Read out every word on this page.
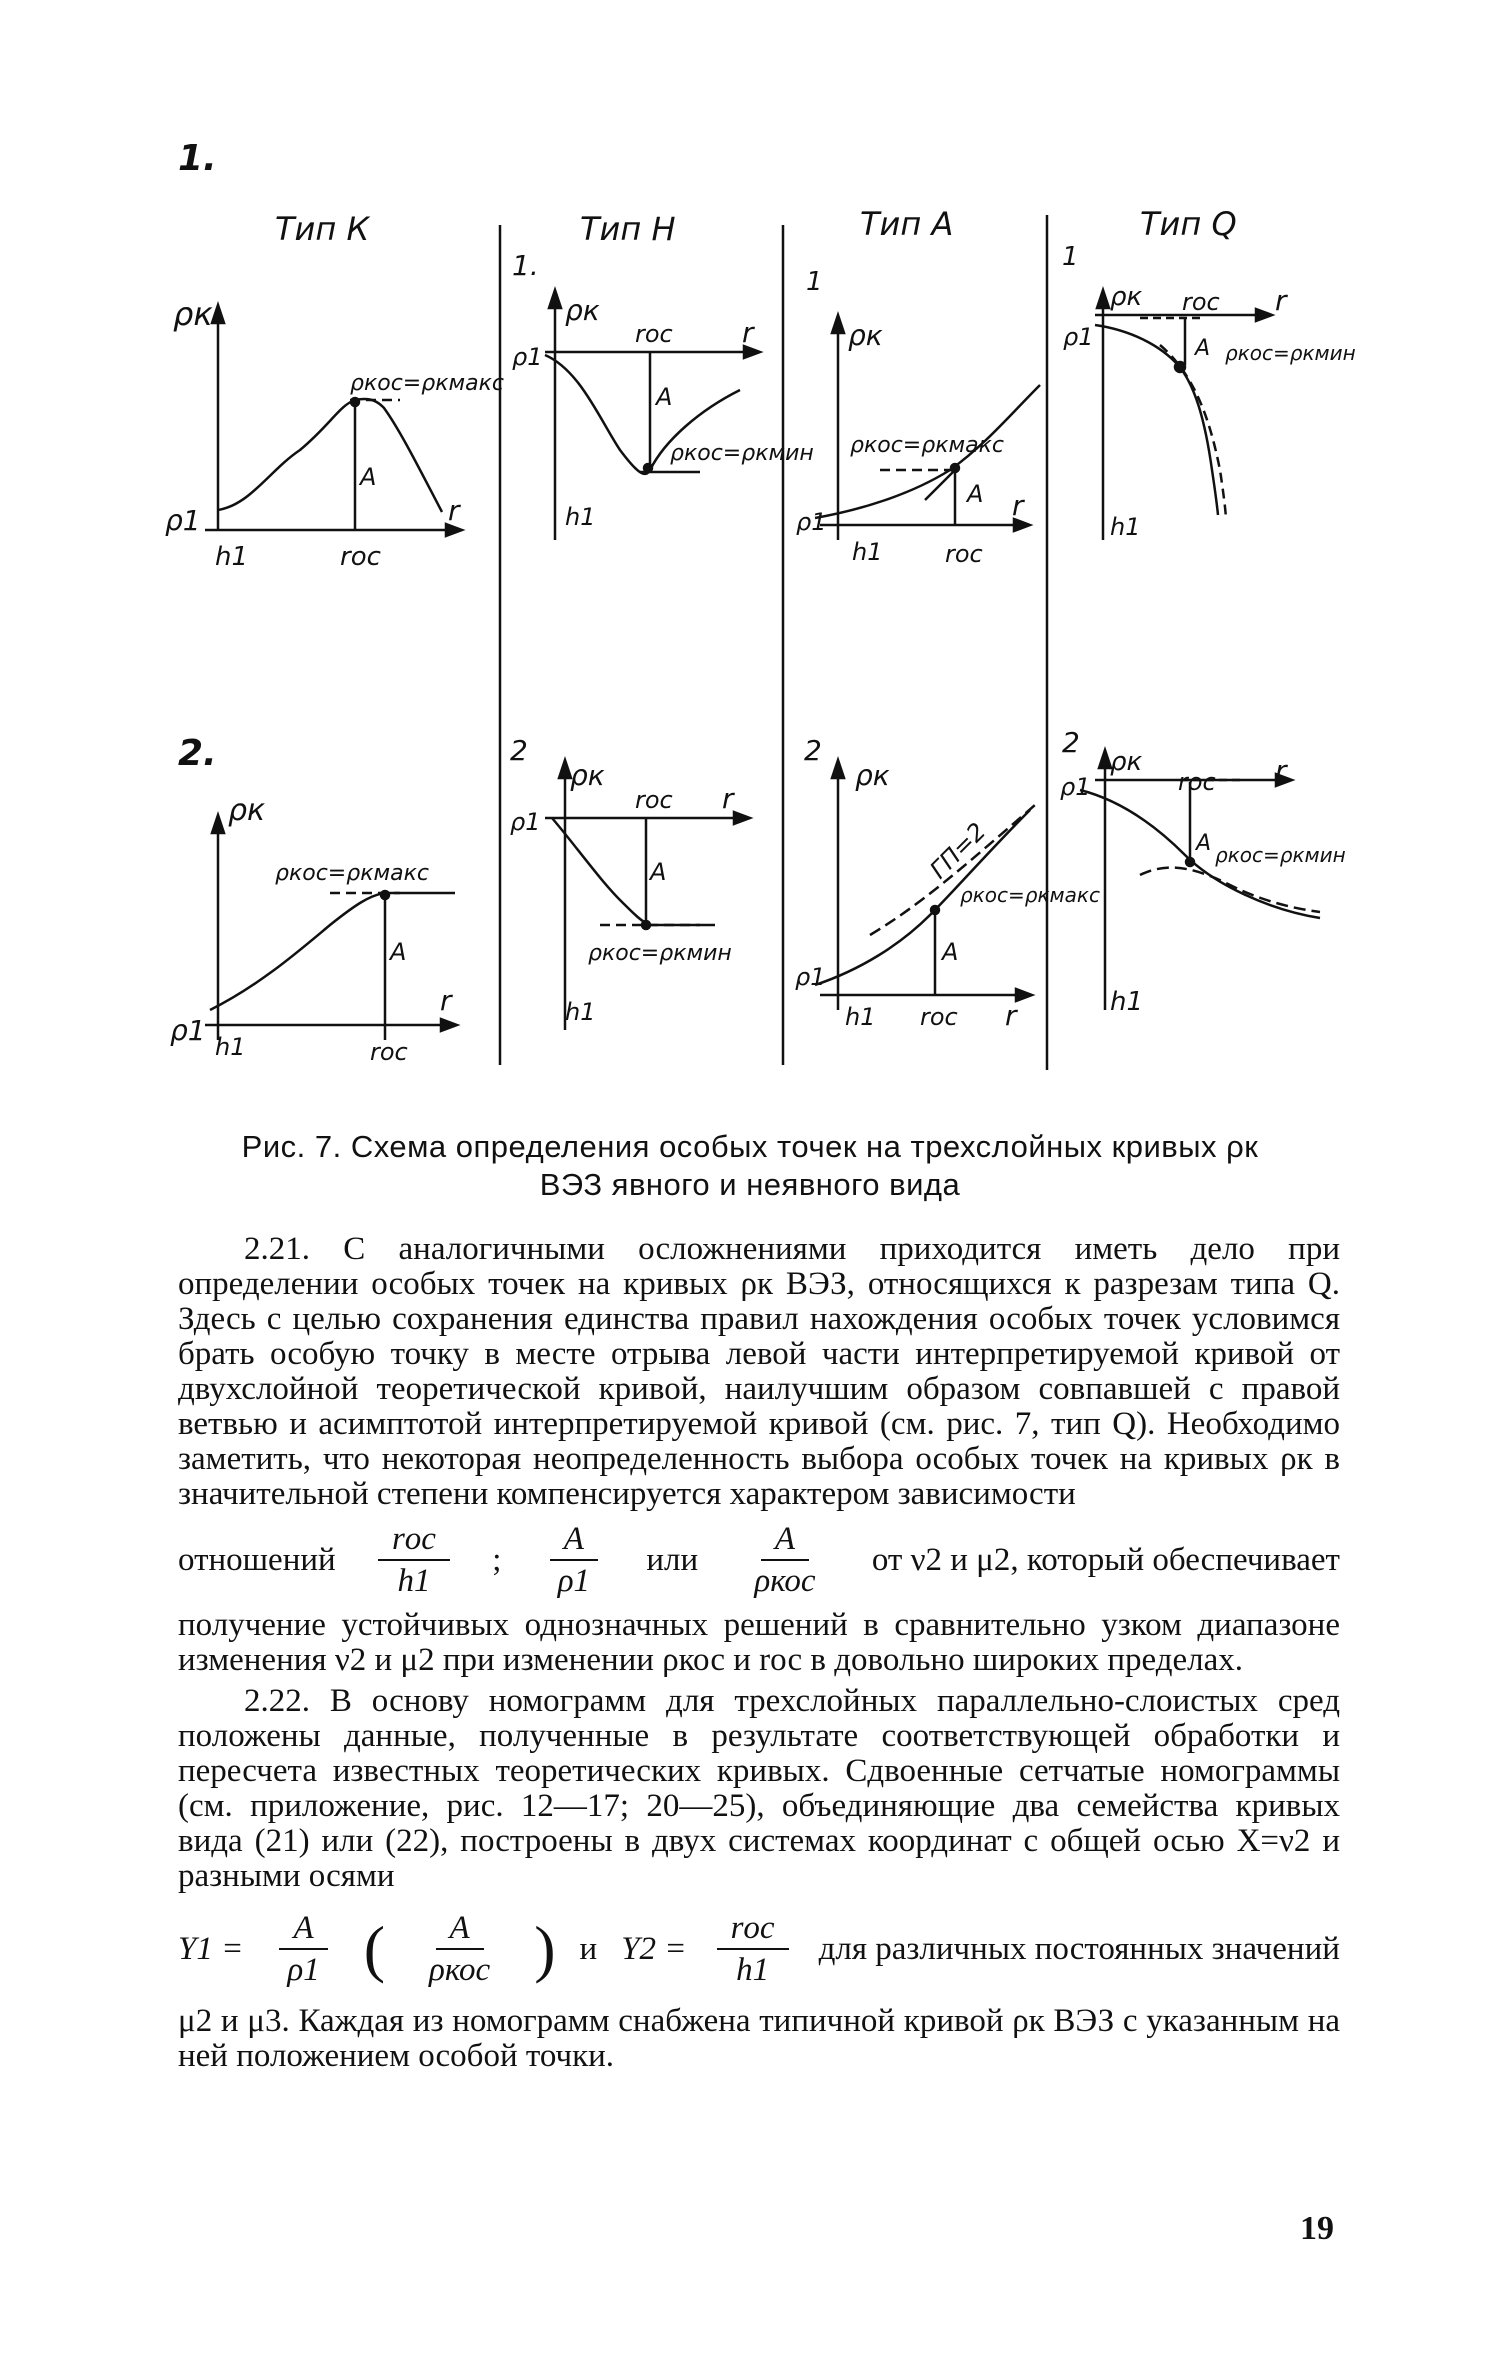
1.
2.
Тип К	Тип H	Тип А	Тип Q
1.	1
1
2	2	2
ρк
ρ1
h1	rос
r
А
ρкос=ρкмакс
ρк
ρ1 h1	rос
r
А
ρкос=ρкмакс
ρк
ρ1
h1
rос r
А
ρкос=ρкмин
ρк
ρ1
h1
rос r
А
ρкос=ρкмин
ρк
ρ1
h1	rос
r
А
ρкос=ρкмакс
ρк
ρ1
h1 rос r
А
ГП=2
ρкос=ρкмакс
ρк
ρ1
h1
rос r
А ρкос=ρкмин
ρк
ρ1
h1
rос r
А ρкос=ρкмин
Рис. 7. Схема определения особых точек на трехслойных кривых ρк
ВЭЗ явного и неявного вида

2.21. С аналогичными осложнениями приходится иметь дело при определении особых точек на кривых ρк ВЭЗ, относящихся к разрезам типа Q. Здесь с целью сохранения единства правил нахождения особых точек условимся брать особую точку в месте отрыва левой части интерпретируемой кривой от двухслойной теоретической кривой, наилучшим образом совпавшей с правой ветвью и асимптотой интерпретируемой кривой (см. рис. 7, тип Q). Необходимо заметить, что некоторая неопределенность выбора особых точек на кривых ρк в значительной степени компенсируется характером зависимости

отношений $\frac{\text{rос}}{h1}$ ; $\frac{A}{\rho 1}$ или $\frac{A}{\text{ρкос}}$ от ν2 и μ2, который обеспечивает

получение устойчивых однозначных решений в сравнительно узком диапазоне изменения ν2 и μ2 при изменении ρкос и rос в довольно широких пределах.

2.22. В основу номограмм для трехслойных параллельно-слоистых сред положены данные, полученные в результате соответствующей обработки и пересчета известных теоретических кривых. Сдвоенные сетчатые номограммы (см. приложение, рис. 12—17; 20—25), объединяющие два семейства кривых вида (21) или (22), построены в двух системах координат с общей осью X=ν2 и разными осями

$Y1 = \frac{A}{\rho 1}$ ( $\frac{A}{\text{ρкос}}$ ) и $Y2 = \frac{\text{rос}}{h1}$ для различных постоянных значений

μ2 и μ3. Каждая из номограмм снабжена типичной кривой ρк ВЭЗ с указанным на ней положением особой точки.

19
